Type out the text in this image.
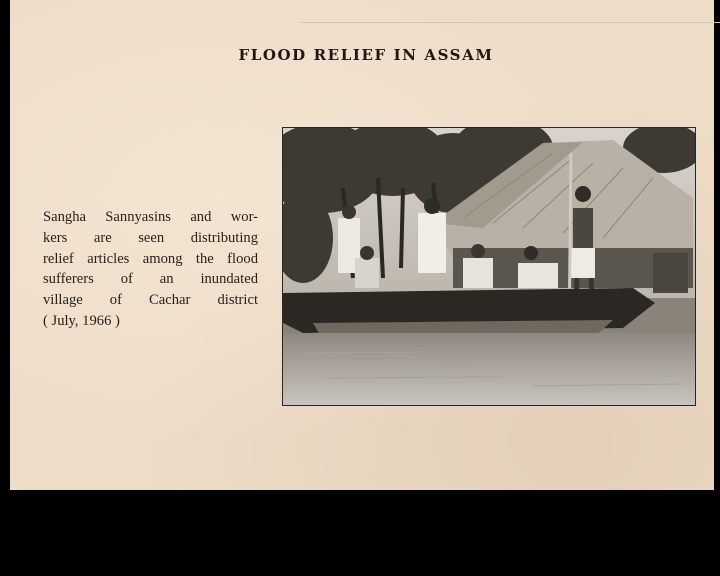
FLOOD RELIEF IN ASSAM
Sangha Sannyasins and wor-
kers are seen distributing
relief articles among the flood
sufferers of an inundated
village of Cachar district
( July, 1966 )
